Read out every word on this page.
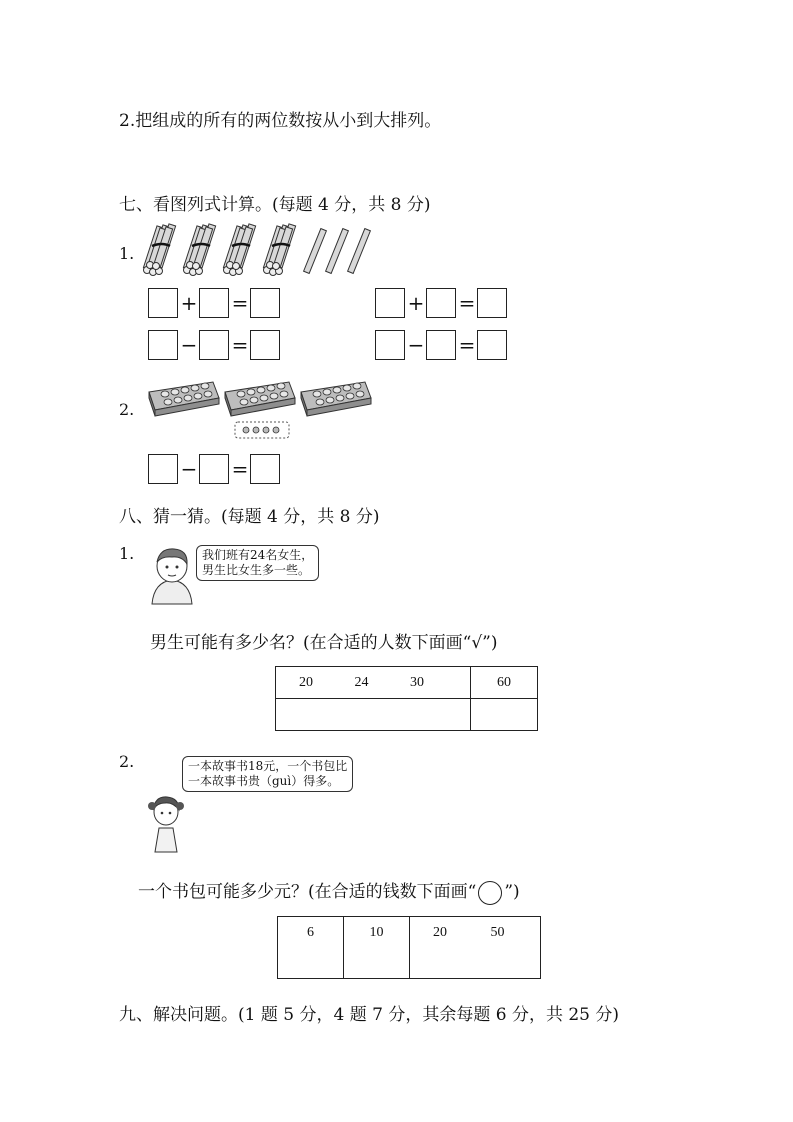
2.把组成的所有的两位数按从小到大排列。
七、看图列式计算。(每题 4 分，共 8 分)
1.
+ =	+ =
− =	− =
2.
− =
八、猜一猜。(每题 4 分，共 8 分)
1.	我们班有24名女生，
男生比女生多一些。
男生可能有多少名？(在合适的人数下面画“√”)
20 24 30	60

2.	一本故事书18元，一个书包比
一本故事书贵（guì）得多。
一个书包可能多少元？(在合适的钱数下面画“ ○ ”)
6	10	20	50
九、解决问题。(1 题 5 分，4 题 7 分，其余每题 6 分，共 25 分)
